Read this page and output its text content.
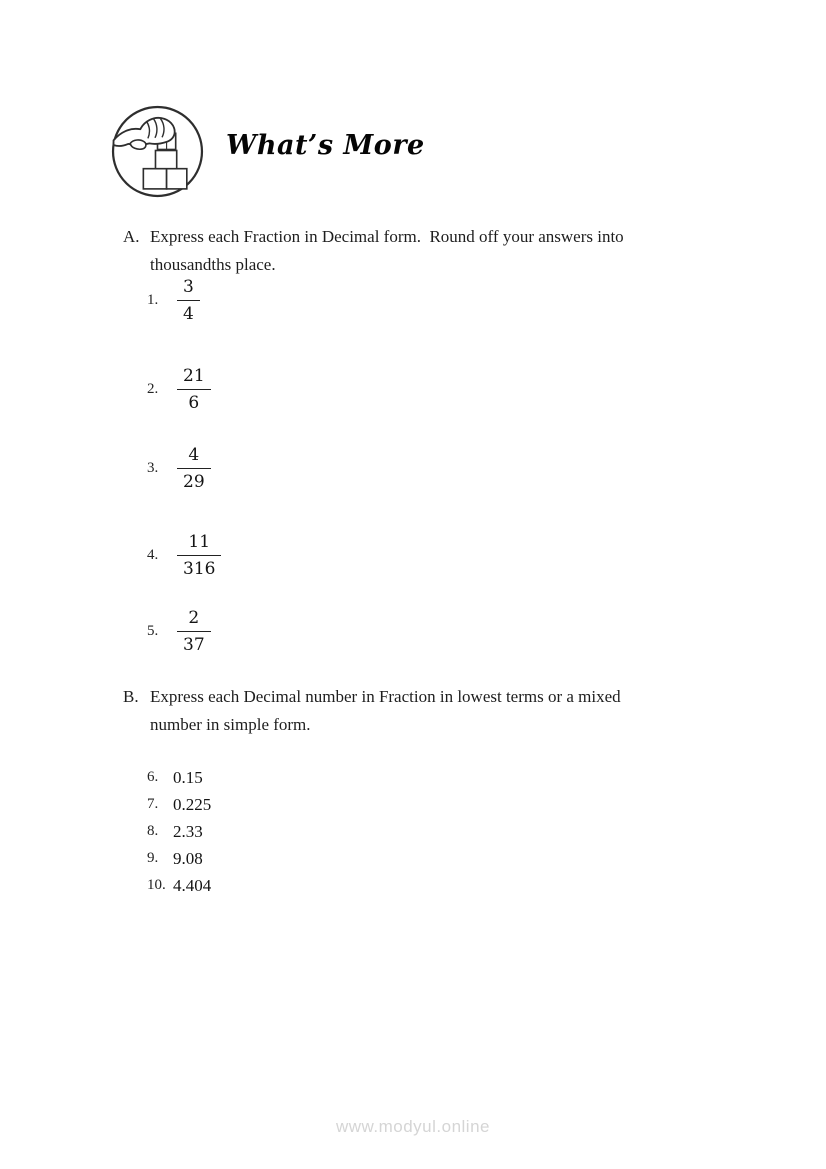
What’s More
A. Express each Fraction in Decimal form.  Round off your answers into
thousandths place.
1.	$\frac{3}{4}$
2.	$\frac{21}{6}$
3.	$\frac{4}{29}$
4.	$\frac{11}{316}$
5.	$\frac{2}{37}$
B. Express each Decimal number in Fraction in lowest terms or a mixed
number in simple form.
6. 0.15
7. 0.225
8. 2.33
9. 9.08
10. 4.404
www.modyul.online
